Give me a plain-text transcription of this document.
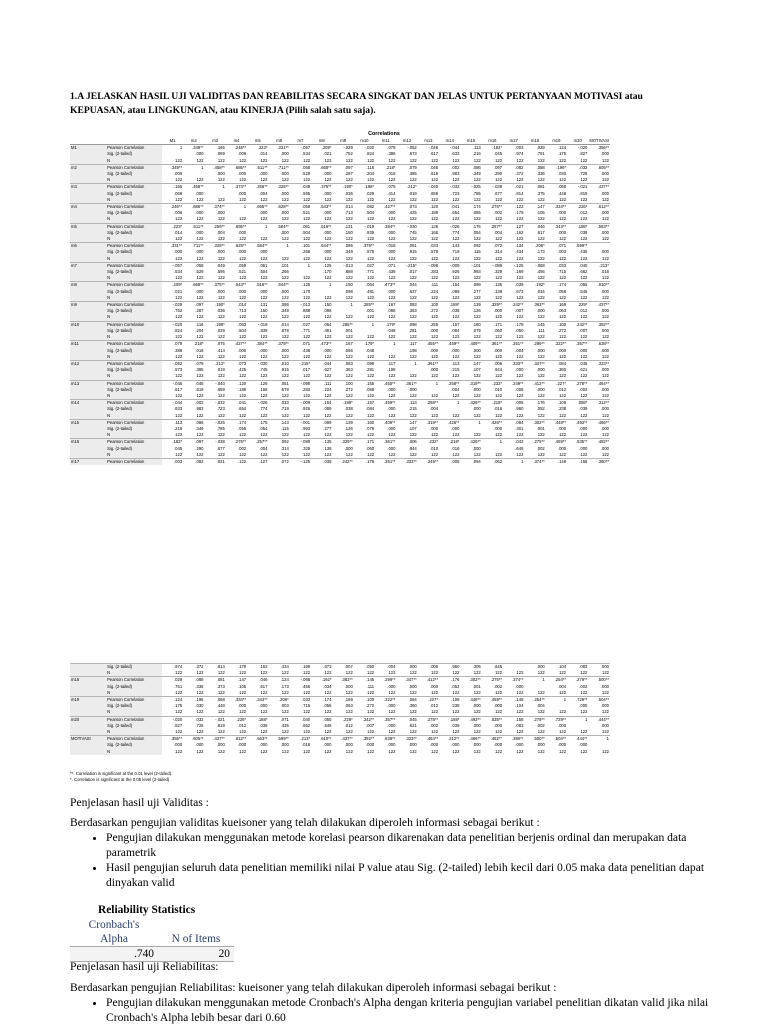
1.A JELASKAN HASIL UJI VALIDITAS DAN REABILITAS SECARA SINGKAT DAN JELAS UNTUK PERTANYAAN MOTIVASI atau KEPUASAN, atau LINGKUNGAN, atau KINERJA (Pilih salah satu saja).
Correlations
		M1	m2	m3	m4	m5	m6	m7	m8	m9	m10	m11	m12	m13	m14	m15	m16	m17	m18	m19	m20	MOTIVASI
M1	Pearson Correlation	1	.349**	.165	.246**	.223*	.331**	-.057	.209*	-.029	-.020	.079	-.052	-.046	-.044	.113	.182*	.003	.029	.124	-.020	.356**
	Sig. (2-tailed)		.000	.069	.006	.014	.000	.534	.021	.752	.824	.386	.573	.617	.633	.216	.045	.974	.751	.175	.827	.000
	N	122	122	122	122	122	122	122	122	122	122	122	122	122	122	122	122	122	122	122	122	122
m2	Pearson Correlation	.349**	1	.458**	.686**	.511**	.711**	.058	.668**	.097	.116	.218*	.079	.046	.002	.086	.097	.082	.088	.196*	.032	.605**
	Sig. (2-tailed)	.000		.000	.000	.000	.000	.529	.000	.287	.204	.016	.385	.619	.983	.349	.290	.372	.336	.030	.726	.000
	N	122	122	122	122	122	122	122	122	122	122	122	122	122	122	122	122	122	122	122	122	122
m3	Pearson Correlation	.165	.458**	1	.374**	.256**	.328**	.049	.375**	.190*	.198*	.075	.212*	-.040	-.032	-.025	-.038	.021	.081	.068	-.021	.437**
	Sig. (2-tailed)	.069	.000		.000	.004	.000	.595	.000	.036	.029	.414	.019	.659	.723	.785	.677	.814	.375	.448	.819	.000
	N	122	122	122	122	122	122	122	122	122	122	122	122	122	122	122	122	122	122	122	122	122
m4	Pearson Correlation	.246**	.686**	.374**	1	.695**	.628**	.059	.543**	.014	.082	.427**	.073	.120	.041	.174	.276**	.122	.147	.334**	.226*	.612**
	Sig. (2-tailed)	.006	.000	.000		.000	.000	.521	.000	.713	.504	.000	.425	.189	.654	.055	.002	.179	.105	.000	.012	.000
	N	122	122	122	122	122	122	122	122	122	122	122	122	122	122	122	122	122	122	122	122	122
m5	Pearson Correlation	.223*	.511**	.256**	.695**	1	.584**	.061	.516**	.131	-.019	.384**	-.030	.126	-.026	.175	.257**	.127	.046	.343**	.188*	.563**
	Sig. (2-tailed)	.014	.000	.004	.000		.000	.504	.000	.150	.839	.000	.745	.168	.774	.054	.004	.162	.617	.000	.038	.000
	N	122	122	122	122	122	122	122	122	122	122	122	122	122	122	122	122	122	122	122	122	122
m6	Pearson Correlation	.331**	.711**	.328**	.628**	.584**	1	.101	.644**	.086	.379**	-.018	.051	.033	.143	.092	.072	.134	.206*	.071	.599**	
	Sig. (2-tailed)	.000	.000	.000	.000	.000		.266	.000	.349	.878	.000	.915	.578	.719	.115	.314	.434	.173	.003	.435	.000
	N	122	122	122	122	122	122	122	122	122	122	122	122	122	122	122	122	122	122	122	122	122
m7	Pearson Correlation	-.057	.058	.049	.059	.061	.101	1	.125	-.013	.027	.071	-.215*	-.098	-.009	-.101	-.089	-.125	-.068	.033	.040	.213*
	Sig. (2-tailed)	.534	.529	.595	.521	.504	.266		.170	.888	.771	.438	.017	.283	.926	.993	.329	.169	.456	.715	.662	.018
	N	122	122	122	122	122	122	122	122	122	122	122	122	122	122	122	122	122	122	122	122	122
m8	Pearson Correlation	.209*	.668**	.375**	.543**	.516**	.644**	.125	1	.150	.064	.473**	.044	.111	.154	.099	.135	.039	.192*	.174	.055	.610**
	Sig. (2-tailed)	.021	.000	.000	.000	.000	.000	.170		.098	.481	.000	.627	.224	.089	.277	.138	.673	.034	.056	.545	.000
	N	122	122	122	122	122	122	122	122	122	122	122	122	122	122	122	122	122	122	122	122	122
m9	Pearson Correlation	-.029	.097	.190*	.014	.131	.086	-.013	.150	1	.285**	.167	.083	.100	.188*	.139	.329**	.242**	.363**	.169	.229*	.437**
	Sig. (2-tailed)	.752	.287	.036	.713	.150	.349	.888	.098		.001	.066	.363	.272	.038	.126	.000	.007	.000	.063	.012	.000
	N	122	122	122	122	122	122	122	122	122	122	122	122	122	122	122	122	122	122	122	122	122
m10	Pearson Correlation	-.020	.116	.198*	.063	-.019	.014	.027	.064	.285**	1	.179*	.098	.255	.157	.160	.171	.178	.145	.100	.242**	.392**
	Sig. (2-tailed)	.824	.204	.029	.504	.839	.878	.771	.481	.001		.048	.281	.000	.084	.079	.060	.050	.111	.272	.007	.000
	N	122	122	122	122	122	122	122	122	122	122	122	122	122	122	122	122	122	122	122	122	122
m11	Pearson Correlation	.079	.218*	.075	.427**	.384**	.379**	.071	.473**	.167	.179*	1	.117	.455**	.459**	.409**	.361**	.261**	.299**	.322**	.357**	.638**
	Sig. (2-tailed)	.386	.016	.414	.000	.000	.000	.438	.000	.066	.048		.198	.000	.000	.000	.000	.004	.000	.000	.000	.000
	N	122	122	122	122	122	122	122	122	122	122	122	122	122	122	122	122	122	122	122	122	122
m12	Pearson Correlation	-.052	.079	.212*	.073	-.030	.010	-.215*	.044	.083	.098	.117	1	.361**	.113	.147	.006	.333**	.347**	.084	.045	.323**
	Sig. (2-tailed)	.573	.385	.019	.425	.745	.915	.017	.627	.363	.281	.198		.000	.215	.107	.944	.000	.000	.360	.621	.000
	N	122	122	122	122	122	122	122	122	122	122	122	122	122	122	122	122	122	122	122	122	122
m13	Pearson Correlation	-.046	.046	-.040	.120	.126	.051	-.098	.111	.100	.155	.455**	.361**	1	.258**	.319**	.232*	.249**	.412**	.227*	.278**	.464**
	Sig. (2-tailed)	.617	.619	.659	.189	.168	.578	.283	.224	.272	.088	.000	.000		.004	.000	.010	.006	.000	.012	.002	.000
	N	122	122	122	122	122	122	122	122	122	122	122	122	122	122	122	122	122	122	122	122	122
m14	Pearson Correlation	-.044	.002	-.032	.041	-.026	.033	-.009	.154	.188*	.157	.459**	.113	.258**	1	.426**	.218*	.005	.176	.108	.088*	.312**
	Sig. (2-tailed)	.633	.983	.723	.654	.774	.719	.926	.089	.038	.084	.000	.215	.004		.000	.016	.960	.052	.238	.039	.000
	N	122	122	122	122	122	122	122	122	122	122	122	122	122	122	122	122	122	122	122	122	122
m15	Pearson Correlation	.113	.086	-.025	.174	.175	.143	-.001	.099	.139	.160	.409**	.147	.319**	.426**	1	.426**	.094	.302**	.448**	.493**	.466**
	Sig. (2-tailed)	.216	.349	.785	.055	.054	.115	.993	.277	.126	.079	.000	.107	.000	.000		.000	.301	.001	.000	.000	.000
	N	122	122	122	122	122	122	122	122	122	122	122	122	122	122	122	122	122	122	122	122	122
m16	Pearson Correlation	.182*	.097	-.038	.276**	.257**	.092	-.089	.135	.329**	.171	.361**	.006	.232*	.218*	.426**	1	.042	.275**	.459**	.535**	.482**
	Sig. (2-tailed)	.045	.290	.677	.002	.004	.314	.329	.138	.000	.060	.000	.944	.010	.016	.000		.645	.002	.000	.000	.000
	N	122	122	122	122	122	122	122	122	122	122	122	122	122	122	122	122	122	122	122	122	122
m17	Pearson Correlation	.003	.082	.021	.122	.127	.072	-.125	.039	.242**	.178	.261**	.333**	.249**	.005	.094	.062	1	.374**	.148	.158	.380**
	Sig. (2-tailed)	.974	.372	.814	.179	.162	.434	.169	.673	.007	.050	.004	.000	.006	.960	.305	.645		.000	.104	.083	.000
	N	122	122	122	122	122	122	122	122	122	122	122	122	122	122	122	122	122	122	122	122	122
m18	Pearson Correlation	.029	.088	.081	.147	.046	.124	-.068	.192*	.363**	.145	.299**	.347**	.412**	.176	.302**	.275**	.374**	1	.254**	.279**	.500**
	Sig. (2-tailed)	.751	.336	.373	.105	.617	.173	.456	.034	.000	.111	.000	.000	.000	.052	.001	.002	.000		.004	.002	.000
	N	122	122	122	122	122	122	122	122	122	122	122	122	122	122	122	122	122	122	122	122	122
m19	Pearson Correlation	.124	.196	.068	.334**	.343**	.206*	.033	.174	.169	.100	.322**	.084	.227*	.108	.448**	.459**	.148	.254**	1	.729**	.504**
	Sig. (2-tailed)	.175	.030	.448	.000	.000	.003	.715	.056	.063	.272	.000	.360	.012	.238	.000	.000	.104	.004		.000	.000
	N	122	122	122	122	122	122	122	122	122	122	122	122	122	122	122	122	122	122	122	122	122
m20	Pearson Correlation	-.020	.032	-.021	.226*	.188*	.071	.040	.055	.229*	.242**	.357**	.045	.278**	.188*	.493**	.535**	.158	.279**	.729**	1	.444**
	Sig. (2-tailed)	.827	.726	.819	.012	.038	.435	.662	.545	.012	.007	.000	.621	.002	.039	.000	.000	.083	.002	.000		.000
	N	122	122	122	122	122	122	122	122	122	122	122	122	122	122	122	122	122	122	122	122	122
MOTIVASI	Pearson Correlation	.356**	.605**	.437**	.612**	.563**	.599**	.213*	.610**	.437**	.392**	.638**	.323**	.464**	.312**	.466**	.482**	.380**	.500**	.504**	.444**	1
	Sig. (2-tailed)	.000	.000	.000	.000	.000	.000	.018	.000	.000	.000	.000	.000	.000	.000	.000	.000	.000	.000	.000	.000	
	N	122	122	122	122	122	122	122	122	122	122	122	122	122	122	122	122	122	122	122	122	122
**. Correlation is significant at the 0.01 level (2-tailed).
*. Correlation is significant at the 0.05 level (2-tailed).
Penjelasan hasil uji Validitas :
Berdasarkan pengujian validitas kueisoner yang telah dilakukan diperoleh informasi sebagai berikut :
• Pengujian dilakukan menggunakan metode korelasi pearson dikarenakan data penelitian berjenis ordinal dan merupakan data parametrik
• Hasil pengujian seluruh data penelitian memiliki nilai P value atau Sig. (2-tailed) lebih kecil dari 0.05 maka data penelitian dapat dinyakan valid
Reliability Statistics
Cronbach's Alpha	N of Items
.740	20
Penjelasan hasil uji Reliabilitas:
Berdasarkan pengujian Reliabilitas: kueisoner yang telah dilakukan diperoleh informasi sebagai berikut :
• Pengujian dilakukan menggunakan metode Cronbach's Alpha dengan kriteria pengujian variabel penelitian dikatan valid jika nilai Cronbach's Alpha lebih besar dari 0.60
